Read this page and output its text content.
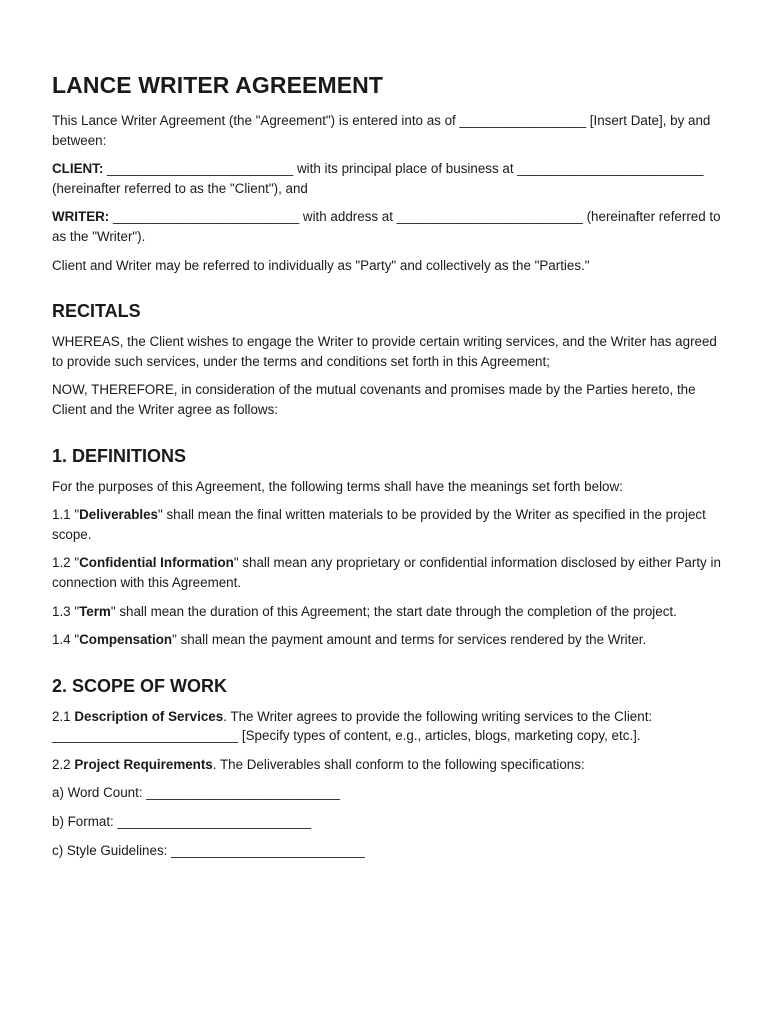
LANCE WRITER AGREEMENT

This Lance Writer Agreement (the "Agreement") is entered into as of _________________ [Insert Date], by and between:

CLIENT: _________________________ with its principal place of business at _________________________ (hereinafter referred to as the "Client"), and

WRITER: _________________________ with address at _________________________ (hereinafter referred to as the "Writer").

Client and Writer may be referred to individually as "Party" and collectively as the "Parties."

RECITALS

WHEREAS, the Client wishes to engage the Writer to provide certain writing services, and the Writer has agreed to provide such services, under the terms and conditions set forth in this Agreement;

NOW, THEREFORE, in consideration of the mutual covenants and promises made by the Parties hereto, the Client and the Writer agree as follows:

1. DEFINITIONS

For the purposes of this Agreement, the following terms shall have the meanings set forth below:

1.1 "Deliverables" shall mean the final written materials to be provided by the Writer as specified in the project scope.

1.2 "Confidential Information" shall mean any proprietary or confidential information disclosed by either Party in connection with this Agreement.

1.3 "Term" shall mean the duration of this Agreement; the start date through the completion of the project.

1.4 "Compensation" shall mean the payment amount and terms for services rendered by the Writer.

2. SCOPE OF WORK

2.1 Description of Services. The Writer agrees to provide the following writing services to the Client: _________________________ [Specify types of content, e.g., articles, blogs, marketing copy, etc.].

2.2 Project Requirements. The Deliverables shall conform to the following specifications:

a) Word Count: __________________________

b) Format: __________________________

c) Style Guidelines: __________________________
